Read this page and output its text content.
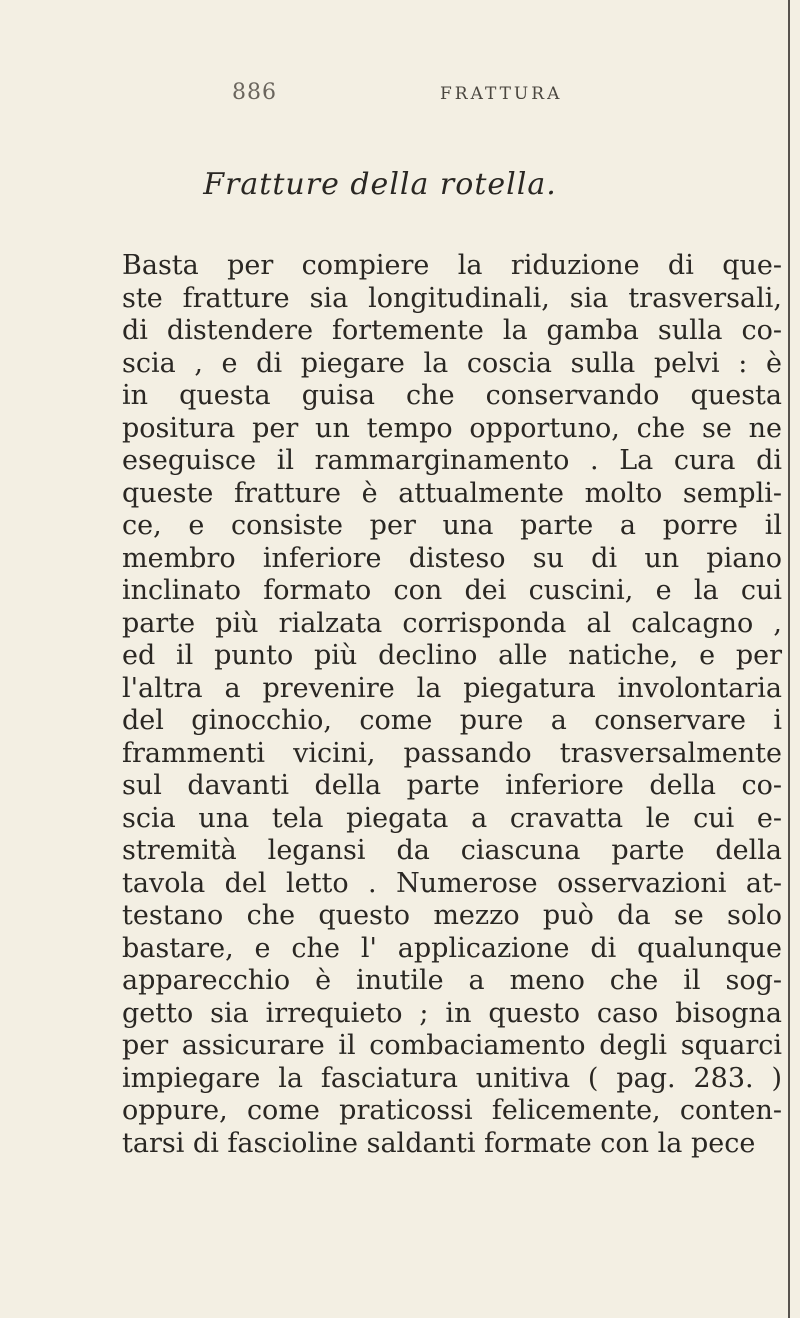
886	FRATTURA
Fratture della rotella.
Basta per compiere la riduzione di que-
ste fratture sia longitudinali, sia trasversali,
di distendere fortemente la gamba sulla co-
scia , e di piegare la coscia sulla pelvi : è
in questa guisa che conservando questa
positura per un tempo opportuno, che se ne
eseguisce il rammarginamento . La cura di
queste fratture è attualmente molto sempli-
ce, e consiste per una parte a porre il
membro inferiore disteso su di un piano
inclinato formato con dei cuscini, e la cui
parte più rialzata corrisponda al calcagno ,
ed il punto più declino alle natiche, e per
l'altra a prevenire la piegatura involontaria
del ginocchio, come pure a conservare i
frammenti vicini, passando trasversalmente
sul davanti della parte inferiore della co-
scia una tela piegata a cravatta le cui e-
stremità legansi da ciascuna parte della
tavola del letto . Numerose osservazioni at-
testano che questo mezzo può da se solo
bastare, e che l' applicazione di qualunque
apparecchio è inutile a meno che il sog-
getto sia irrequieto ; in questo caso bisogna
per assicurare il combaciamento degli squarci
impiegare la fasciatura unitiva ( pag. 283. )
oppure, come praticossi felicemente, conten-
tarsi di fascioline saldanti formate con la pece
